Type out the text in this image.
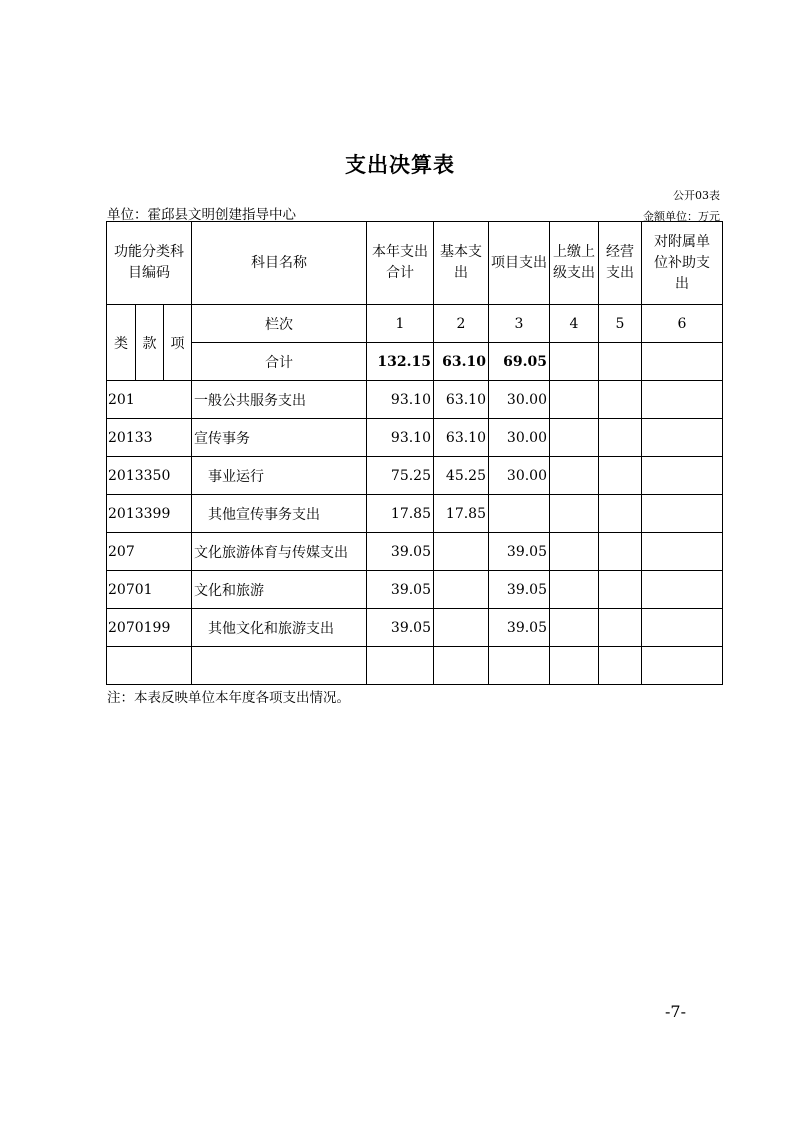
支出决算表
公开03表
单位：霍邱县文明创建指导中心	金额单位：万元
功能分类科目编码			科目名称	本年支出合计	基本支出	项目支出	上缴上级支出	经营支出	对附属单位补助支出
类	款	项	栏次	1	2	3	4	5	6
			合计	132.15	63.10	69.05			
201			一般公共服务支出	93.10	63.10	30.00			
20133			宣传事务	93.10	63.10	30.00			
2013350			事业运行	75.25	45.25	30.00			
2013399			其他宣传事务支出	17.85	17.85				
207			文化旅游体育与传媒支出	39.05		39.05			
20701			文化和旅游	39.05		39.05			
2070199			其他文化和旅游支出	39.05		39.05			

注：本表反映单位本年度各项支出情况。
-7-
